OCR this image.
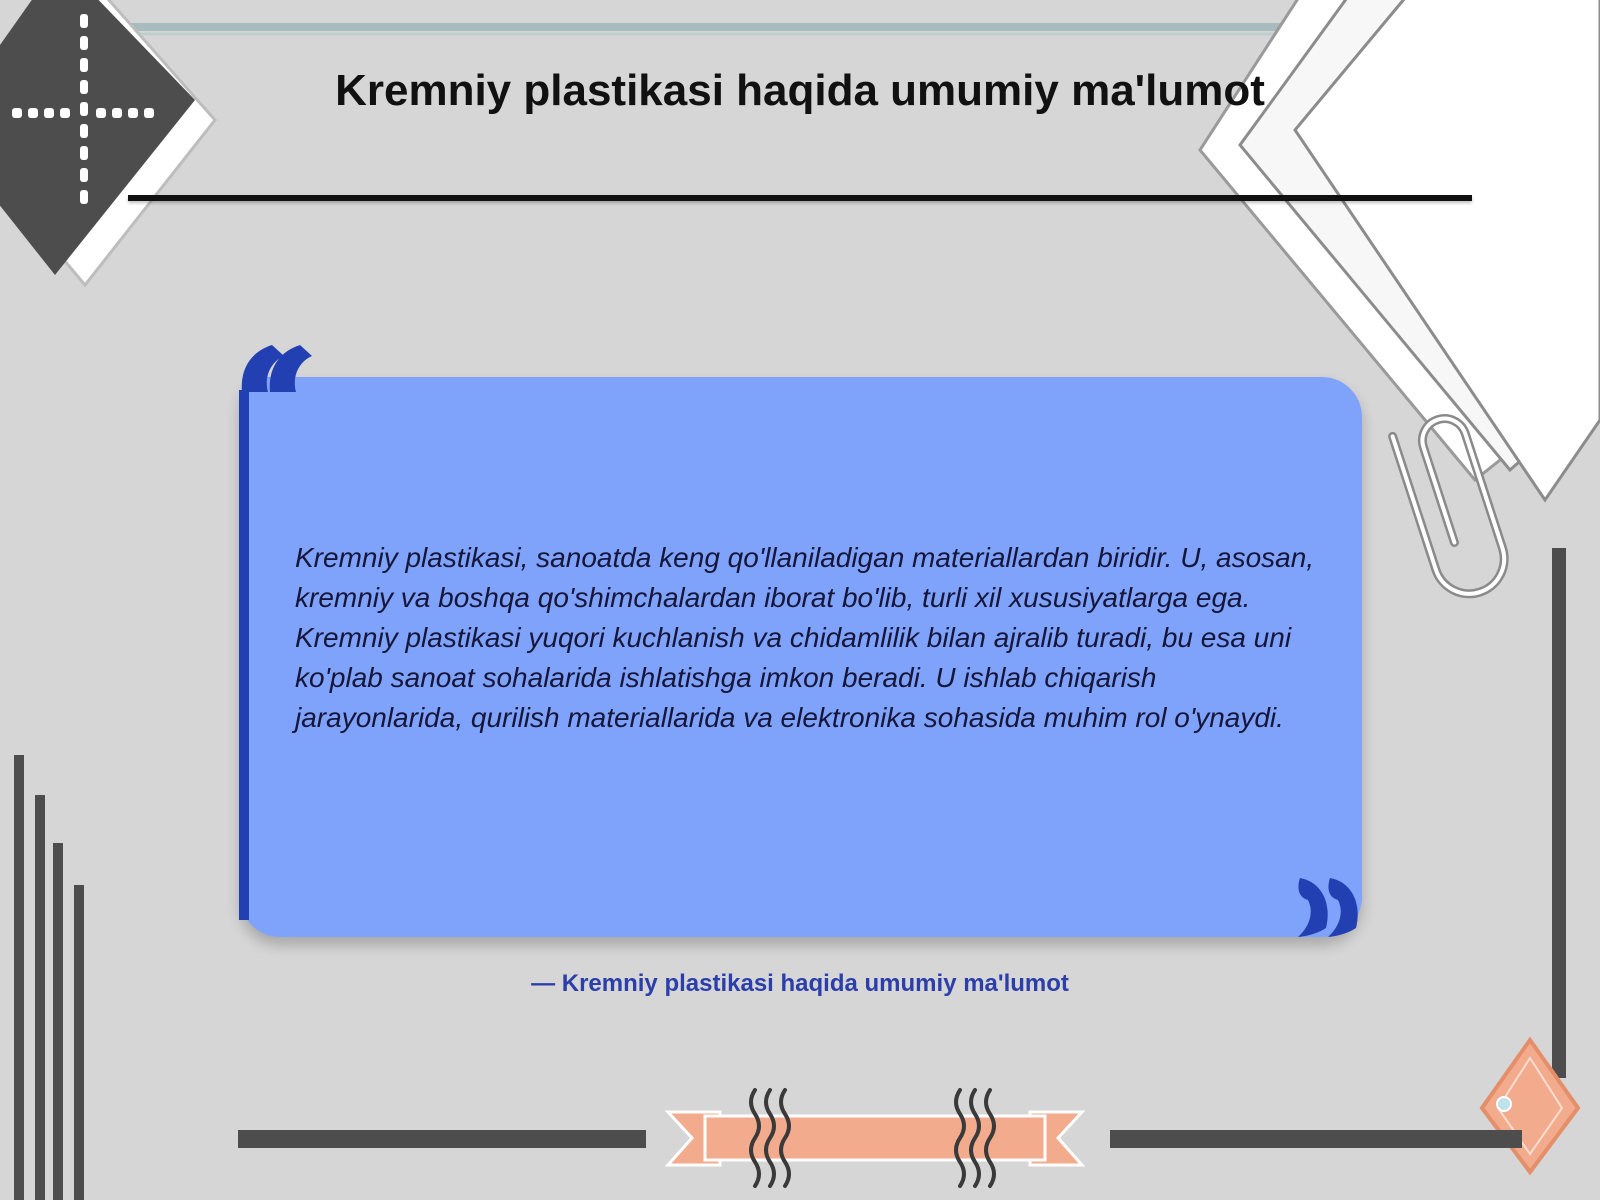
Kremniy plastikasi haqida umumiy ma'lumot

Kremniy plastikasi, sanoatda keng qo'llaniladigan materiallardan biridir. U, asosan, kremniy va boshqa qo'shimchalardan iborat bo'lib, turli xil xususiyatlarga ega. Kremniy plastikasi yuqori kuchlanish va chidamlilik bilan ajralib turadi, bu esa uni ko'plab sanoat sohalarida ishlatishga imkon beradi. U ishlab chiqarish jarayonlarida, qurilish materiallarida va elektronika sohasida muhim rol o'ynaydi.

— Kremniy plastikasi haqida umumiy ma'lumot
